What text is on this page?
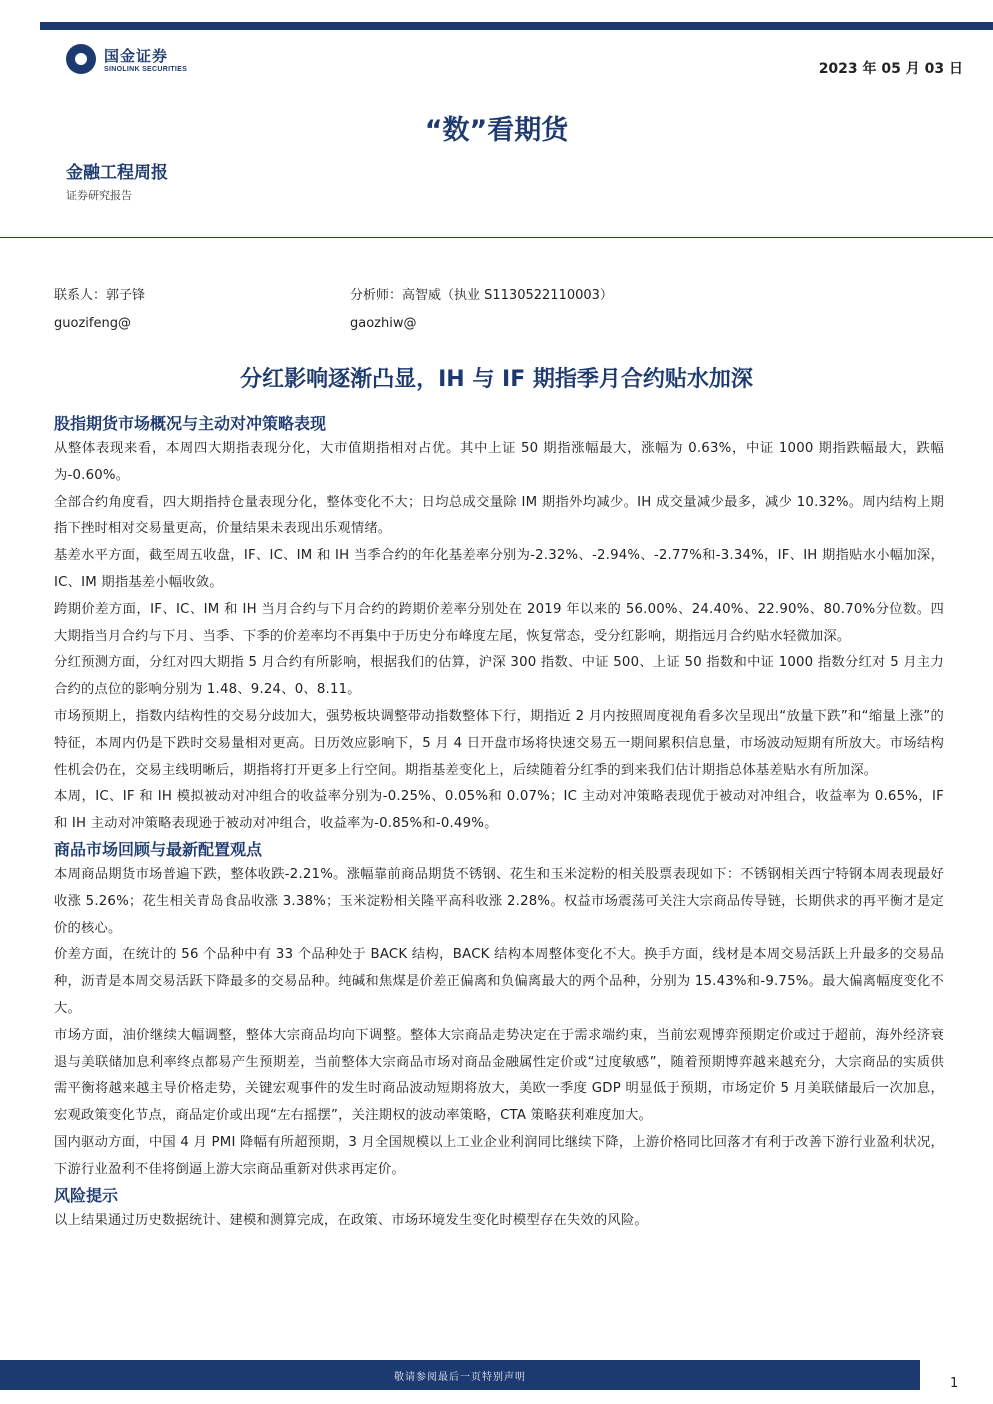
国金证券
SINOLINK SECURITIES	2023 年 05 月 03 日
“数”看期货
金融工程周报
证券研究报告
联系人：郭子锋
guozifeng@
分析师：高智威（执业 S1130522110003）
gaozhiw@
分红影响逐渐凸显，IH 与 IF 期指季月合约贴水加深
股指期货市场概况与主动对冲策略表现

从整体表现来看，本周四大期指表现分化，大市值期指相对占优。其中上证 50 期指涨幅最大，涨幅为 0.63%，中证 1000 期指跌幅最大，跌幅为-0.60%。

全部合约角度看，四大期指持仓量表现分化，整体变化不大；日均总成交量除 IM 期指外均减少。IH 成交量减少最多，减少 10.32%。周内结构上期指下挫时相对交易量更高，价量结果未表现出乐观情绪。

基差水平方面，截至周五收盘，IF、IC、IM 和 IH 当季合约的年化基差率分别为-2.32%、-2.94%、-2.77%和-3.34%，IF、IH 期指贴水小幅加深，IC、IM 期指基差小幅收敛。

跨期价差方面，IF、IC、IM 和 IH 当月合约与下月合约的跨期价差率分别处在 2019 年以来的 56.00%、24.40%、22.90%、80.70%分位数。四大期指当月合约与下月、当季、下季的价差率均不再集中于历史分布峰度左尾，恢复常态，受分红影响，期指远月合约贴水轻微加深。

分红预测方面，分红对四大期指 5 月合约有所影响，根据我们的估算，沪深 300 指数、中证 500、上证 50 指数和中证 1000 指数分红对 5 月主力合约的点位的影响分别为 1.48、9.24、0、8.11。

市场预期上，指数内结构性的交易分歧加大，强势板块调整带动指数整体下行，期指近 2 月内按照周度视角看多次呈现出“放量下跌”和“缩量上涨”的特征，本周内仍是下跌时交易量相对更高。日历效应影响下，5 月 4 日开盘市场将快速交易五一期间累积信息量，市场波动短期有所放大。市场结构性机会仍在，交易主线明晰后，期指将打开更多上行空间。期指基差变化上，后续随着分红季的到来我们估计期指总体基差贴水有所加深。

本周，IC、IF 和 IH 模拟被动对冲组合的收益率分别为-0.25%、0.05%和 0.07%；IC 主动对冲策略表现优于被动对冲组合，收益率为 0.65%，IF 和 IH 主动对冲策略表现逊于被动对冲组合，收益率为-0.85%和-0.49%。

商品市场回顾与最新配置观点

本周商品期货市场普遍下跌，整体收跌-2.21%。涨幅靠前商品期货不锈钢、花生和玉米淀粉的相关股票表现如下：不锈钢相关西宁特钢本周表现最好收涨 5.26%；花生相关青岛食品收涨 3.38%；玉米淀粉相关隆平高科收涨 2.28%。权益市场震荡可关注大宗商品传导链，长期供求的再平衡才是定价的核心。

价差方面，在统计的 56 个品种中有 33 个品种处于 BACK 结构，BACK 结构本周整体变化不大。换手方面，线材是本周交易活跃上升最多的交易品种，沥青是本周交易活跃下降最多的交易品种。纯碱和焦煤是价差正偏离和负偏离最大的两个品种，分别为 15.43%和-9.75%。最大偏离幅度变化不大。

市场方面，油价继续大幅调整，整体大宗商品均向下调整。整体大宗商品走势决定在于需求端约束，当前宏观博弈预期定价或过于超前，海外经济衰退与美联储加息利率终点都易产生预期差，当前整体大宗商品市场对商品金融属性定价或“过度敏感”，随着预期博弈越来越充分，大宗商品的实质供需平衡将越来越主导价格走势，关键宏观事件的发生时商品波动短期将放大，美欧一季度 GDP 明显低于预期，市场定价 5 月美联储最后一次加息，宏观政策变化节点，商品定价或出现“左右摇摆”，关注期权的波动率策略，CTA 策略获利难度加大。

国内驱动方面，中国 4 月 PMI 降幅有所超预期，3 月全国规模以上工业企业利润同比继续下降，上游价格同比回落才有利于改善下游行业盈利状况，下游行业盈利不佳将倒逼上游大宗商品重新对供求再定价。

风险提示

以上结果通过历史数据统计、建模和测算完成，在政策、市场环境发生变化时模型存在失效的风险。

敬请参阅最后一页特别声明	1
